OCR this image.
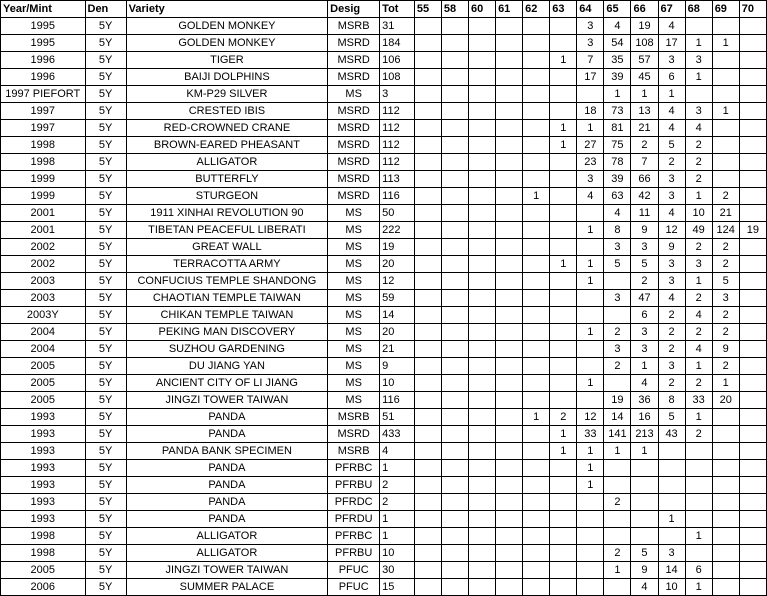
Year/Mint	Den	Variety	Desig	Tot	55	58	60	61	62	63	64	65	66	67	68	69	70
1995	5Y	GOLDEN MONKEY	MSRB	31							3	4	19	4			
1995	5Y	GOLDEN MONKEY	MSRD	184							3	54	108	17	1	1	
1996	5Y	TIGER	MSRD	106						1	7	35	57	3	3		
1996	5Y	BAIJI DOLPHINS	MSRD	108							17	39	45	6	1		
1997 PIEFORT	5Y	KM-P29 SILVER	MS	3								1	1	1			
1997	5Y	CRESTED IBIS	MSRD	112							18	73	13	4	3	1	
1997	5Y	RED-CROWNED CRANE	MSRD	112						1	1	81	21	4	4		
1998	5Y	BROWN-EARED PHEASANT	MSRD	112						1	27	75	2	5	2		
1998	5Y	ALLIGATOR	MSRD	112							23	78	7	2	2		
1999	5Y	BUTTERFLY	MSRD	113							3	39	66	3	2		
1999	5Y	STURGEON	MSRD	116					1		4	63	42	3	1	2	
2001	5Y	1911 XINHAI REVOLUTION 90	MS	50								4	11	4	10	21	
2001	5Y	TIBETAN PEACEFUL LIBERATI	MS	222							1	8	9	12	49	124	19
2002	5Y	GREAT WALL	MS	19								3	3	9	2	2	
2002	5Y	TERRACOTTA ARMY	MS	20						1	1	5	5	3	3	2	
2003	5Y	CONFUCIUS TEMPLE SHANDONG	MS	12							1		2	3	1	5	
2003	5Y	CHAOTIAN TEMPLE TAIWAN	MS	59								3	47	4	2	3	
2003Y	5Y	CHIKAN TEMPLE TAIWAN	MS	14									6	2	4	2	
2004	5Y	PEKING MAN DISCOVERY	MS	20							1	2	3	2	2	2	
2004	5Y	SUZHOU GARDENING	MS	21								3	3	2	4	9	
2005	5Y	DU JIANG YAN	MS	9								2	1	3	1	2	
2005	5Y	ANCIENT CITY OF LI JIANG	MS	10							1		4	2	2	1	
2005	5Y	JINGZI TOWER TAIWAN	MS	116								19	36	8	33	20	
1993	5Y	PANDA	MSRB	51					1	2	12	14	16	5	1		
1993	5Y	PANDA	MSRD	433						1	33	141	213	43	2		
1993	5Y	PANDA BANK SPECIMEN	MSRB	4						1	1	1	1				
1993	5Y	PANDA	PFRBC	1							1						
1993	5Y	PANDA	PFRBU	2							1						
1993	5Y	PANDA	PFRDC	2								2					
1993	5Y	PANDA	PFRDU	1										1			
1998	5Y	ALLIGATOR	PFRBC	1											1		
1998	5Y	ALLIGATOR	PFRBU	10								2	5	3			
2005	5Y	JINGZI TOWER TAIWAN	PFUC	30								1	9	14	6		
2006	5Y	SUMMER PALACE	PFUC	15									4	10	1		
